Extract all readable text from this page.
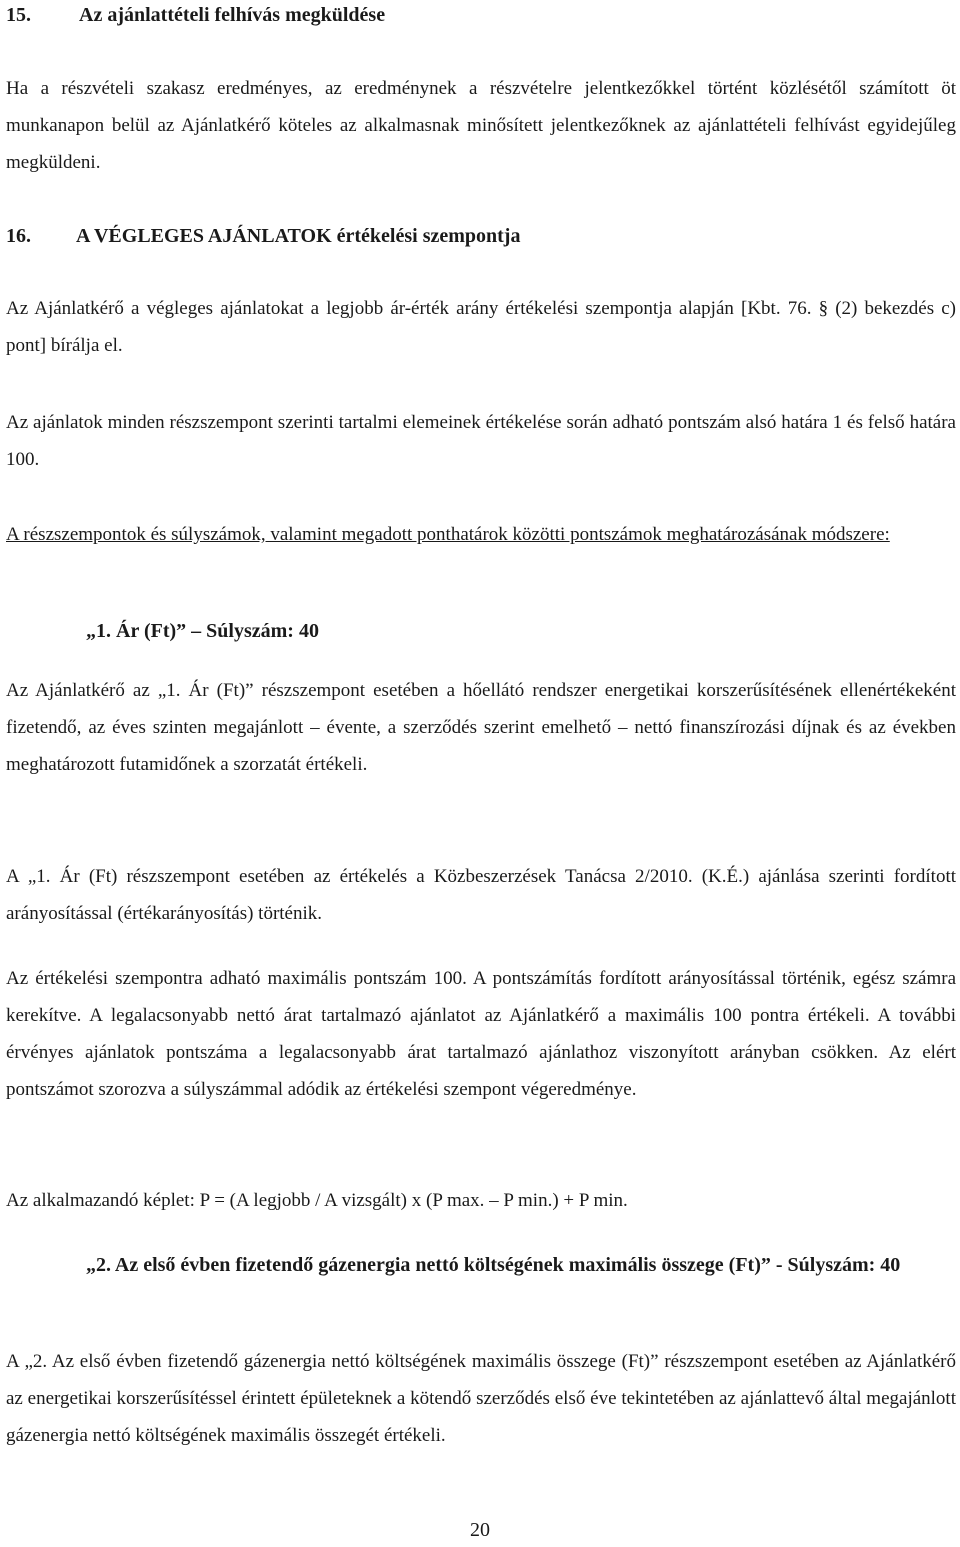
15. Az ajánlattételi felhívás megküldése

Ha a részvételi szakasz eredményes, az eredménynek a részvételre jelentkezőkkel történt közlésétől számított öt munkanapon belül az Ajánlatkérő köteles az alkalmasnak minősített jelentkezőknek az ajánlattételi felhívást egyidejűleg megküldeni.

16. A VÉGLEGES AJÁNLATOK értékelési szempontja

Az Ajánlatkérő a végleges ajánlatokat a legjobb ár-érték arány értékelési szempontja alapján [Kbt. 76. § (2) bekezdés c) pont] bírálja el.

Az ajánlatok minden részszempont szerinti tartalmi elemeinek értékelése során adható pontszám alsó határa 1 és felső határa 100.

A részszempontok és súlyszámok, valamint megadott ponthatárok közötti pontszámok meghatározásának módszere:

„1. Ár (Ft)” – Súlyszám: 40

Az Ajánlatkérő az „1. Ár (Ft)” részszempont esetében a hőellátó rendszer energetikai korszerűsítésének ellenértékeként fizetendő, az éves szinten megajánlott – évente, a szerződés szerint emelhető – nettó finanszírozási díjnak és az években meghatározott futamidőnek a szorzatát értékeli.

A „1. Ár (Ft) részszempont esetében az értékelés a Közbeszerzések Tanácsa 2/2010. (K.É.) ajánlása szerinti fordított arányosítással (értékarányosítás) történik.

Az értékelési szempontra adható maximális pontszám 100. A pontszámítás fordított arányosítással történik, egész számra kerekítve. A legalacsonyabb nettó árat tartalmazó ajánlatot az Ajánlatkérő a maximális 100 pontra értékeli. A további érvényes ajánlatok pontszáma a legalacsonyabb árat tartalmazó ajánlathoz viszonyított arányban csökken. Az elért pontszámot szorozva a súlyszámmal adódik az értékelési szempont végeredménye.

Az alkalmazandó képlet: P = (A legjobb / A vizsgált) x (P max. – P min.) + P min.

„2. Az első évben fizetendő gázenergia nettó költségének maximális összege (Ft)” - Súlyszám: 40

A „2. Az első évben fizetendő gázenergia nettó költségének maximális összege (Ft)” részszempont esetében az Ajánlatkérő az energetikai korszerűsítéssel érintett épületeknek a kötendő szerződés első éve tekintetében az ajánlattevő által megajánlott gázenergia nettó költségének maximális összegét értékeli.

20
